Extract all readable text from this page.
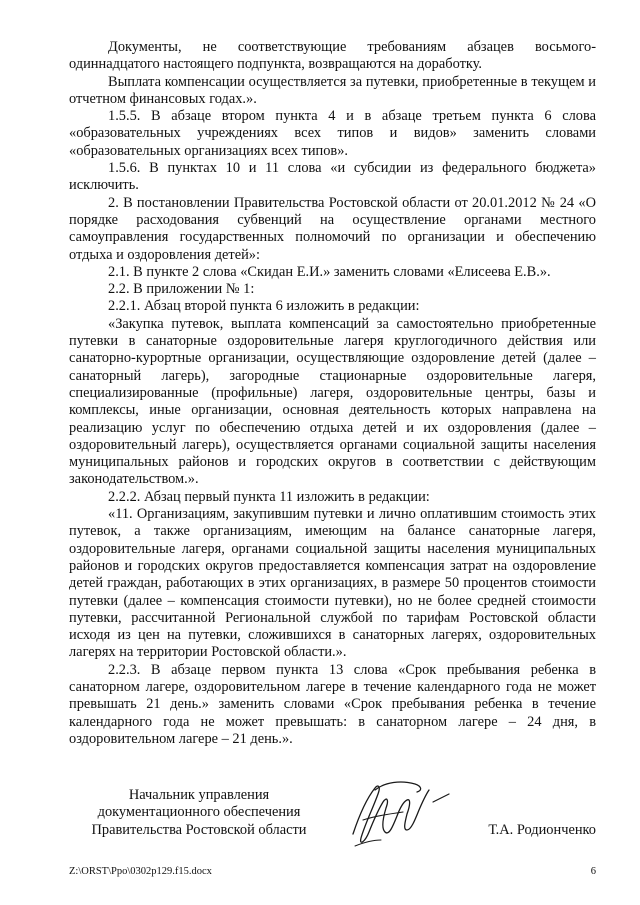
Документы, не соответствующие требованиям абзацев восьмого-одиннадцатого настоящего подпункта, возвращаются на доработку.

Выплата компенсации осуществляется за путевки, приобретенные в текущем и отчетном финансовых годах.».

1.5.5. В абзаце втором пункта 4 и в абзаце третьем пункта 6 слова «образовательных учреждениях всех типов и видов» заменить словами «образовательных организациях всех типов».

1.5.6. В пунктах 10 и 11 слова «и субсидии из федерального бюджета» исключить.

2. В постановлении Правительства Ростовской области от 20.01.2012 № 24 «О порядке расходования субвенций на осуществление органами местного самоуправления государственных полномочий по организации и обеспечению отдыха и оздоровления детей»:

2.1. В пункте 2 слова «Скидан Е.И.» заменить словами «Елисеева Е.В.».

2.2. В приложении № 1:

2.2.1. Абзац второй пункта 6 изложить в редакции:

«Закупка путевок, выплата компенсаций за самостоятельно приобретенные путевки в санаторные оздоровительные лагеря круглогодичного действия или санаторно-курортные организации, осуществляющие оздоровление детей (далее – санаторный лагерь), загородные стационарные оздоровительные лагеря, специализированные (профильные) лагеря, оздоровительные центры, базы и комплексы, иные организации, основная деятельность которых направлена на реализацию услуг по обеспечению отдыха детей и их оздоровления (далее – оздоровительный лагерь), осуществляется органами социальной защиты населения муниципальных районов и городских округов в соответствии с действующим законодательством.».

2.2.2. Абзац первый пункта 11 изложить в редакции:

«11. Организациям, закупившим путевки и лично оплатившим стоимость этих путевок, а также организациям, имеющим на балансе санаторные лагеря, оздоровительные лагеря, органами социальной защиты населения муниципальных районов и городских округов предоставляется компенсация затрат на оздоровление детей граждан, работающих в этих организациях, в размере 50 процентов стоимости путевки (далее – компенсация стоимости путевки), но не более средней стоимости путевки, рассчитанной Региональной службой по тарифам Ростовской области исходя из цен на путевки, сложившихся в санаторных лагерях, оздоровительных лагерях на территории Ростовской области.».

2.2.3. В абзаце первом пункта 13 слова «Срок пребывания ребенка в санаторном лагере, оздоровительном лагере в течение календарного года не может превышать 21 день.» заменить словами «Срок пребывания ребенка в течение календарного года не может превышать: в санаторном лагере – 24 дня, в оздоровительном лагере – 21 день.».

Начальник управления
документационного обеспечения
Правительства Ростовской области	Т.А. Родионченко
Z:\ORST\Ppo\0302p129.f15.docx	6
